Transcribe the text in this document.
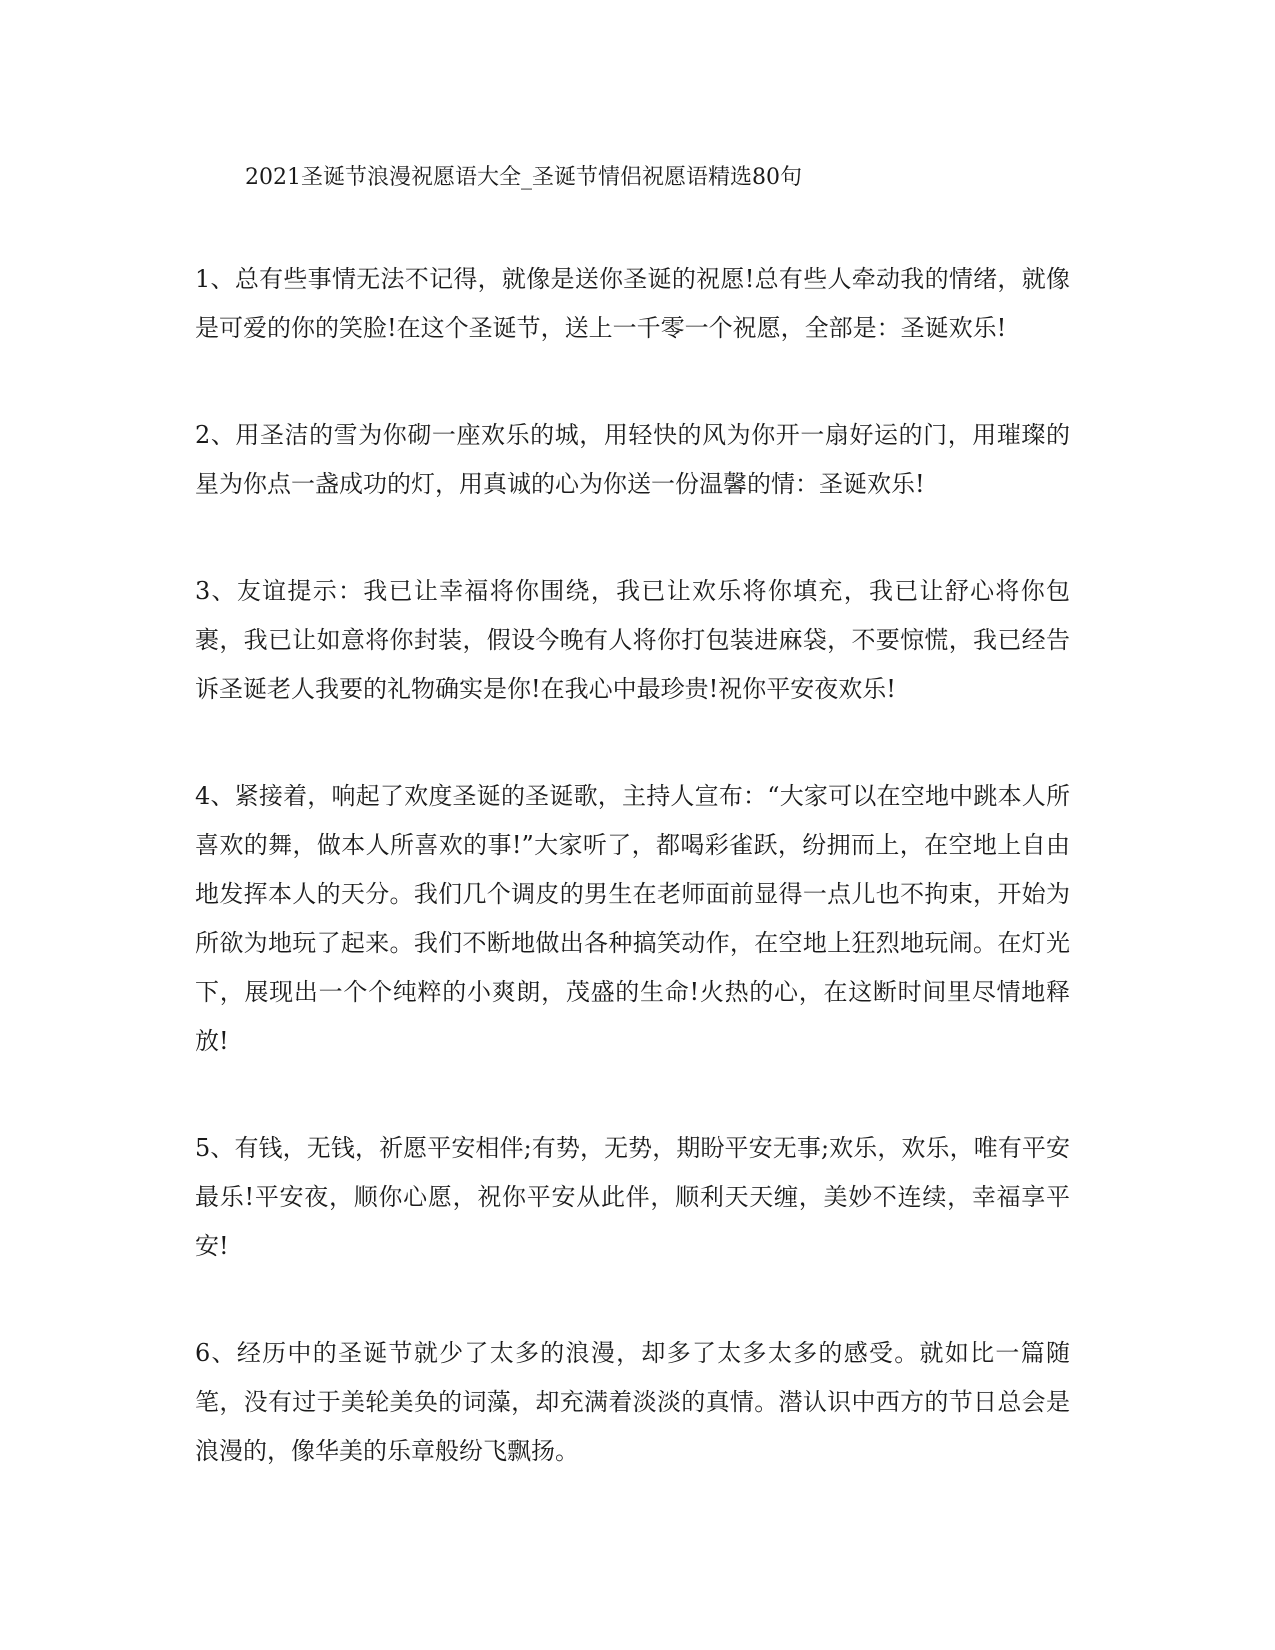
2021圣诞节浪漫祝愿语大全_圣诞节情侣祝愿语精选80句

1、总有些事情无法不记得，就像是送你圣诞的祝愿!总有些人牵动我的情绪，就像是可爱的你的笑脸!在这个圣诞节，送上一千零一个祝愿，全部是：圣诞欢乐!

2、用圣洁的雪为你砌一座欢乐的城，用轻快的风为你开一扇好运的门，用璀璨的星为你点一盏成功的灯，用真诚的心为你送一份温馨的情：圣诞欢乐!

3、友谊提示：我已让幸福将你围绕，我已让欢乐将你填充，我已让舒心将你包裹，我已让如意将你封装，假设今晚有人将你打包装进麻袋，不要惊慌，我已经告诉圣诞老人我要的礼物确实是你!在我心中最珍贵!祝你平安夜欢乐!

4、紧接着，响起了欢度圣诞的圣诞歌，主持人宣布：“大家可以在空地中跳本人所喜欢的舞，做本人所喜欢的事!”大家听了，都喝彩雀跃，纷拥而上，在空地上自由地发挥本人的天分。我们几个调皮的男生在老师面前显得一点儿也不拘束，开始为所欲为地玩了起来。我们不断地做出各种搞笑动作，在空地上狂烈地玩闹。在灯光下，展现出一个个纯粹的小爽朗，茂盛的生命!火热的心，在这断时间里尽情地释放!

5、有钱，无钱，祈愿平安相伴;有势，无势，期盼平安无事;欢乐，欢乐，唯有平安最乐!平安夜，顺你心愿，祝你平安从此伴，顺利天天缠，美妙不连续，幸福享平安!

6、经历中的圣诞节就少了太多的浪漫，却多了太多太多的感受。就如比一篇随笔，没有过于美轮美奂的词藻，却充满着淡淡的真情。潜认识中西方的节日总会是浪漫的，像华美的乐章般纷飞飘扬。
